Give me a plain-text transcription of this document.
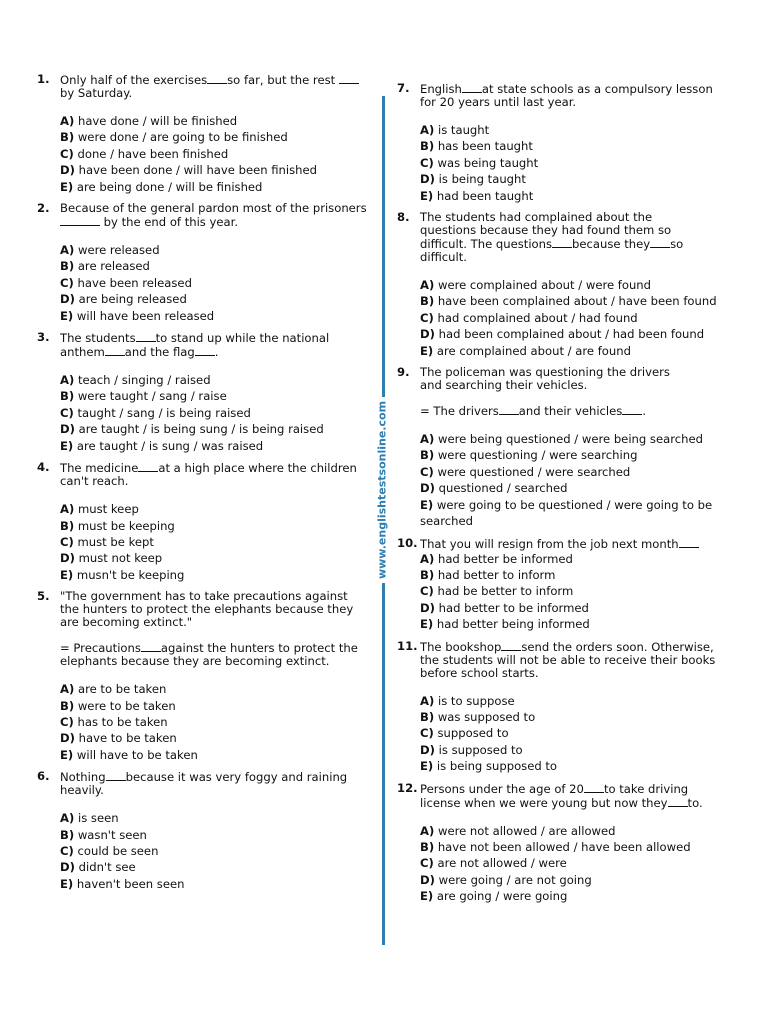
1. Only half of the exercises so far, but the rest
by Saturday.
A) have done / will be finished
B) were done / are going to be finished
C) done / have been finished
D) have been done / will have been finished
E) are being done / will be finished
2. Because of the general pardon most of the prisoners
by the end of this year.
A) were released
B) are released
C) have been released
D) are being released
E) will have been released
3. The students to stand up while the national
anthem and the flag .
A) teach / singing / raised
B) were taught / sang / raise
C) taught / sang / is being raised
D) are taught / is being sung / is being raised
E) are taught / is sung / was raised
4. The medicine at a high place where the children
can't reach.
A) must keep
B) must be keeping
C) must be kept
D) must not keep
E) musn't be keeping
5. "The government has to take precautions against
the hunters to protect the elephants because they
are becoming extinct."
= Precautions against the hunters to protect the
elephants because they are becoming extinct.
A) are to be taken
B) were to be taken
C) has to be taken
D) have to be taken
E) will have to be taken
6. Nothing because it was very foggy and raining
heavily.
A) is seen
B) wasn't seen
C) could be seen
D) didn't see
E) haven't been seen
www.englishtestsonline.com
7. English at state schools as a compulsory lesson
for 20 years until last year.
A) is taught
B) has been taught
C) was being taught
D) is being taught
E) had been taught
8. The students had complained about the
questions because they had found them so
difficult. The questions because they so
difficult.
A) were complained about / were found
B) have been complained about / have been found
C) had complained about / had found
D) had been complained about / had been found
E) are complained about / are found
9. The policeman was questioning the drivers
and searching their vehicles.
= The drivers and their vehicles .
A) were being questioned / were being searched
B) were questioning / were searching
C) were questioned / were searched
D) questioned / searched
E) were going to be questioned / were going to be searched
10. That you will resign from the job next month
A) had better be informed
B) had better to inform
C) had be better to inform
D) had better to be informed
E) had better being informed
11. The bookshop send the orders soon. Otherwise,
the students will not be able to receive their books
before school starts.
A) is to suppose
B) was supposed to
C) supposed to
D) is supposed to
E) is being supposed to
12. Persons under the age of 20 to take driving
license when we were young but now they to.
A) were not allowed / are allowed
B) have not been allowed / have been allowed
C) are not allowed / were
D) were going / are not going
E) are going / were going
